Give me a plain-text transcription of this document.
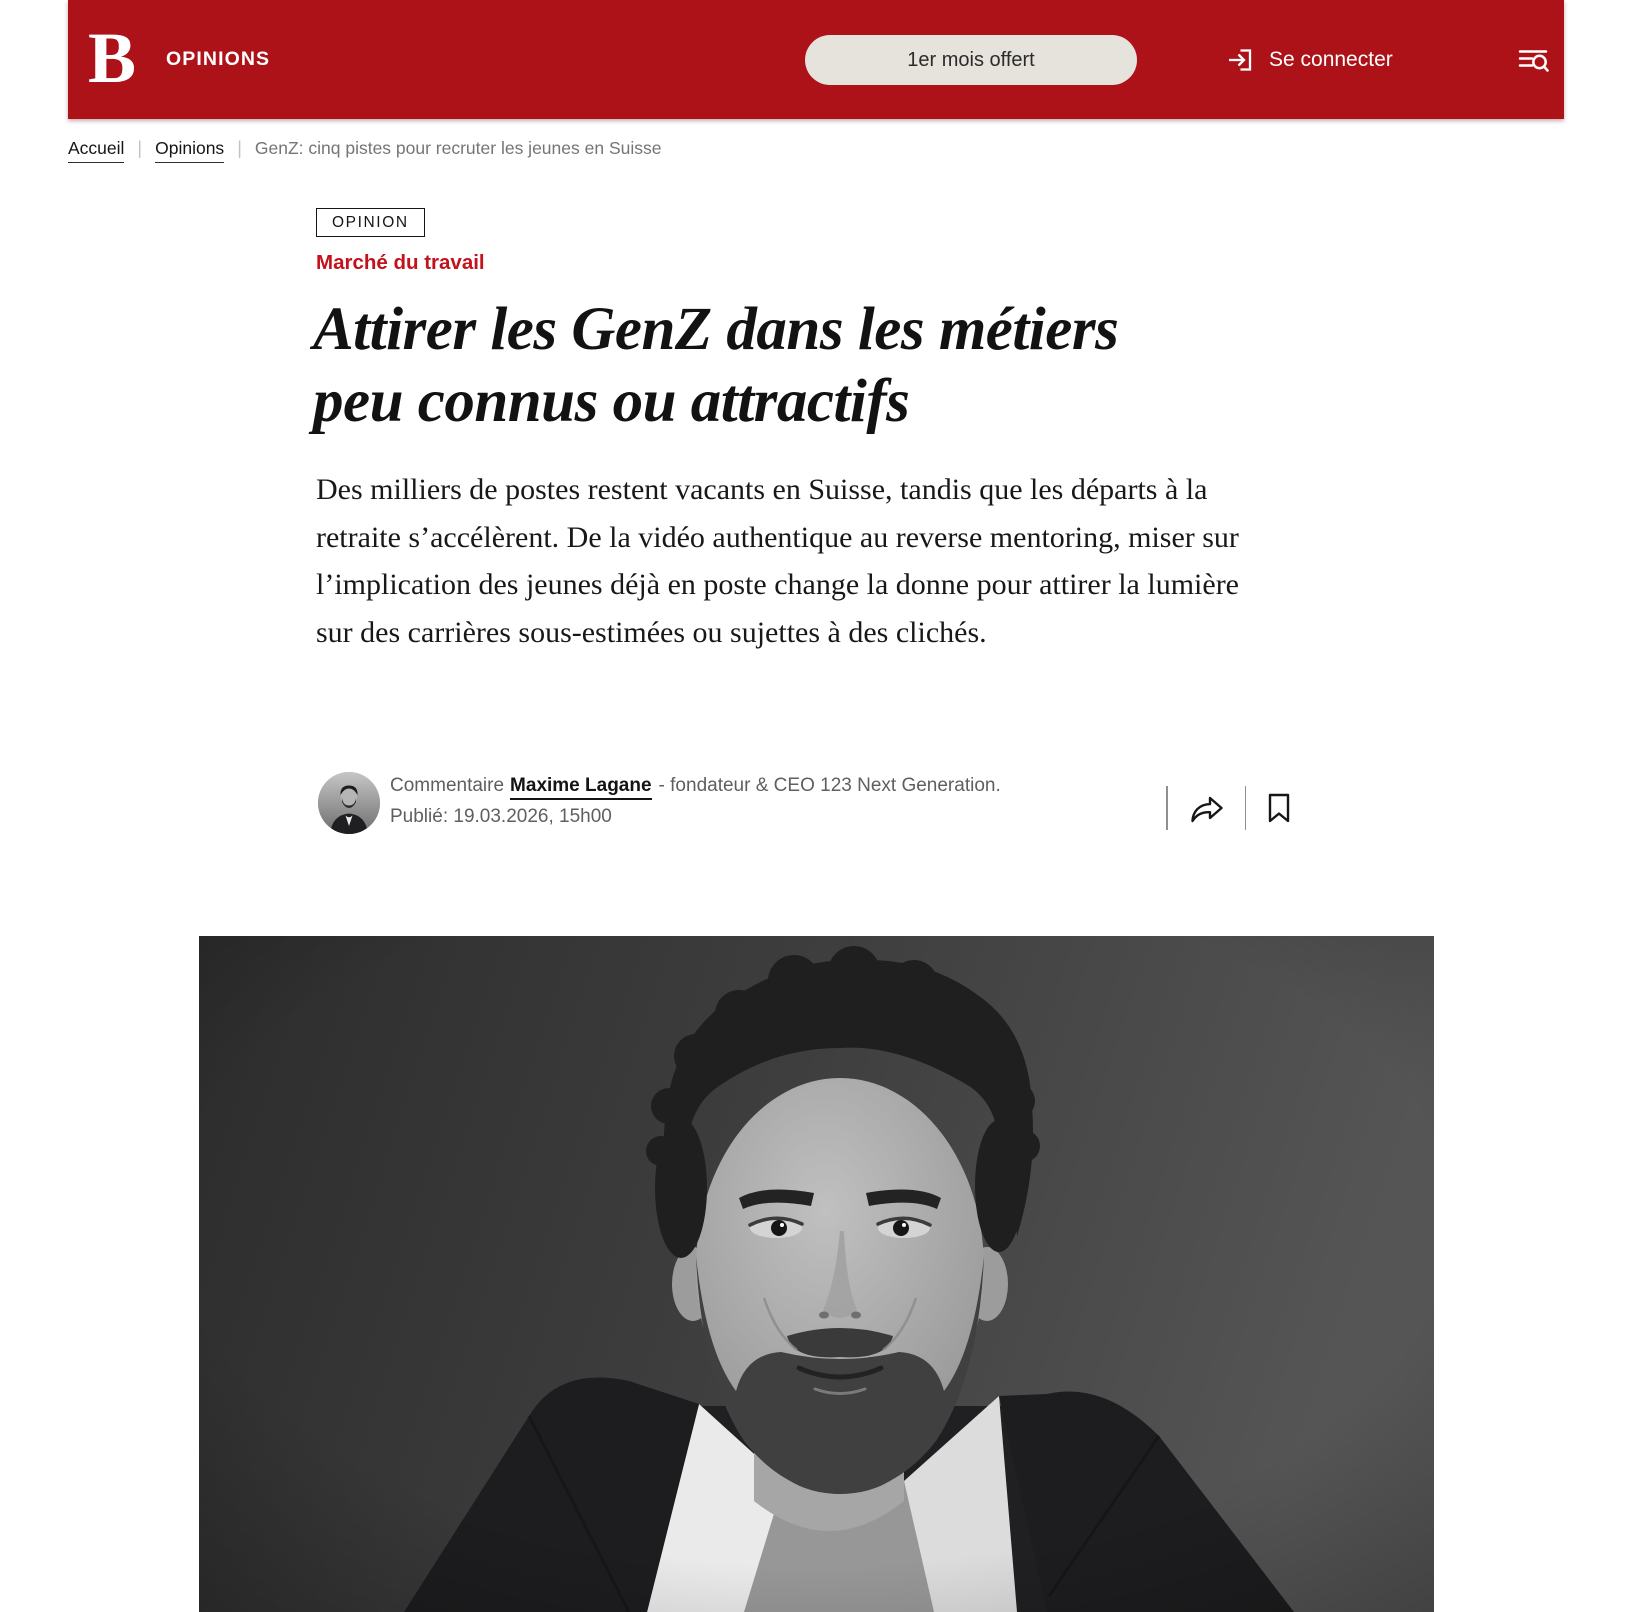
B OPINIONS	1er mois offert	Se connecter
Accueil | Opinions | GenZ: cinq pistes pour recruter les jeunes en Suisse
OPINION
Marché du travail
Attirer les GenZ dans les métiers
peu connus ou attractifs

Des milliers de postes restent vacants en Suisse, tandis que les départs à la retraite s’accélèrent. De la vidéo authentique au reverse mentoring, miser sur l’implication des jeunes déjà en poste change la donne pour attirer la lumière sur des carrières sous-estimées ou sujettes à des clichés.

Commentaire Maxime Lagane - fondateur & CEO 123 Next Generation.
Publié: 19.03.2026, 15h00
